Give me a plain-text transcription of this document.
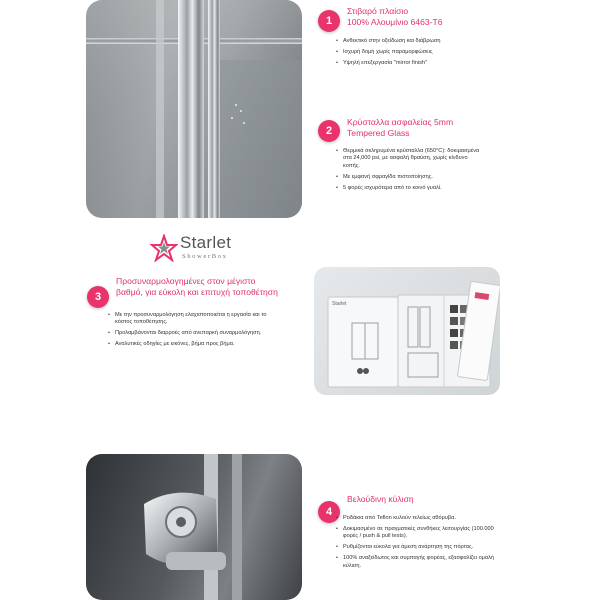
1
Στιβαρό πλαίσιο
100% Αλουμίνιο 6463-T6
• Ανθεκτικό στην οξείδωση και διάβρωση
• Ισχυρή δομή χωρίς παραμορφώσεις
• Υψηλή επεξεργασία "mirror finish"
2
Κρύσταλλα ασφαλείας 5mm
Tempered Glass
• Θερμικά σκληρυμένα κρύσταλλα (650°C): δοκιμασμένα στα 24,000 psi, με ασφαλή θραύση, χωρίς κίνδυνο κοπής.
• Με εμφανή σφραγίδα πιστοποίησης.
• 5 φορές ισχυρότερα από το κοινό γυαλί.
Starlet
ShowerBox
3
Προσυναρμολογημένες στον μέγιστο
βαθμό, για εύκολη και επιτυχή τοποθέτηση
• Με την προσυναρμολόγηση ελαχιστοποιείται η εργασία και το κόστος τοποθέτησης.
• Προλαμβάνονται διαρροές από ανεπαρκή συναρμολόγηση.
• Αναλυτικές οδηγίες με εικόνες, βήμα προς βήμα.
Starlet
4
Βελούδινη κύλιση
• Ροδάκια από Teflon κυλούν τελείως αθόρυβα.
• Δοκιμασμένο σε πραγματικές συνθήκες λειτουργίας (100.000 φορές / push & pull tests).
• Ρυθμίζονται εύκολα για άμεση ανάρτηση της πόρτας.
• 100% αναξείδωτος και συμπαγής φορέας, εξασφαλίζει ομαλή κύλιση.
